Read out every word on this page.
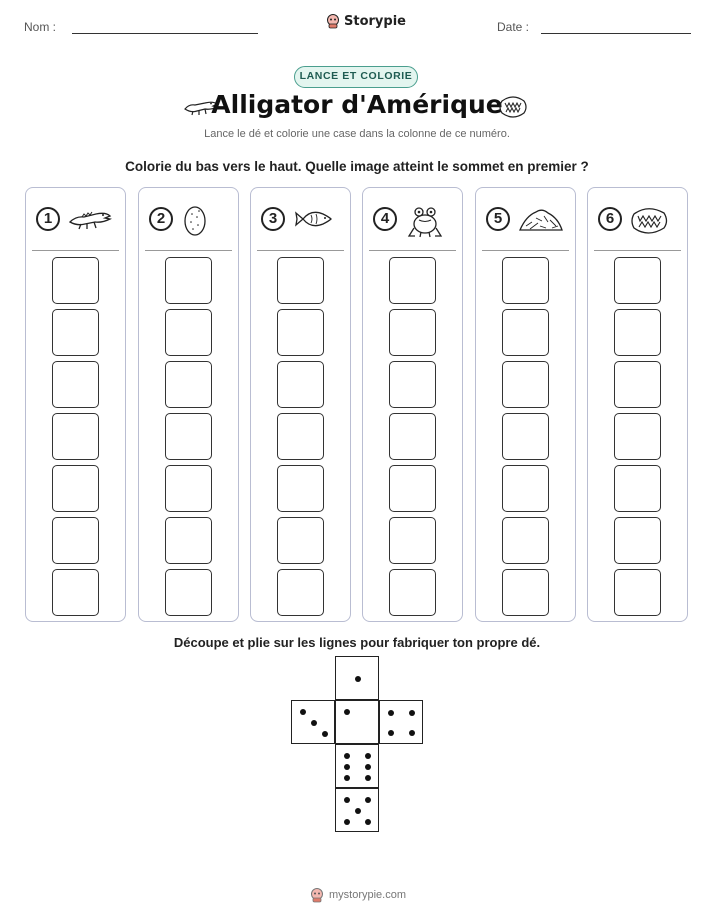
Nom :	Storypie	Date :
LANCE ET COLORIE
Alligator d'Amérique
Lance le dé et colorie une case dans la colonne de ce numéro.
Colorie du bas vers le haut. Quelle image atteint le sommet en premier ?
1	2	3	4	5	6
Découpe et plie sur les lignes pour fabriquer ton propre dé.
mystorypie.com
